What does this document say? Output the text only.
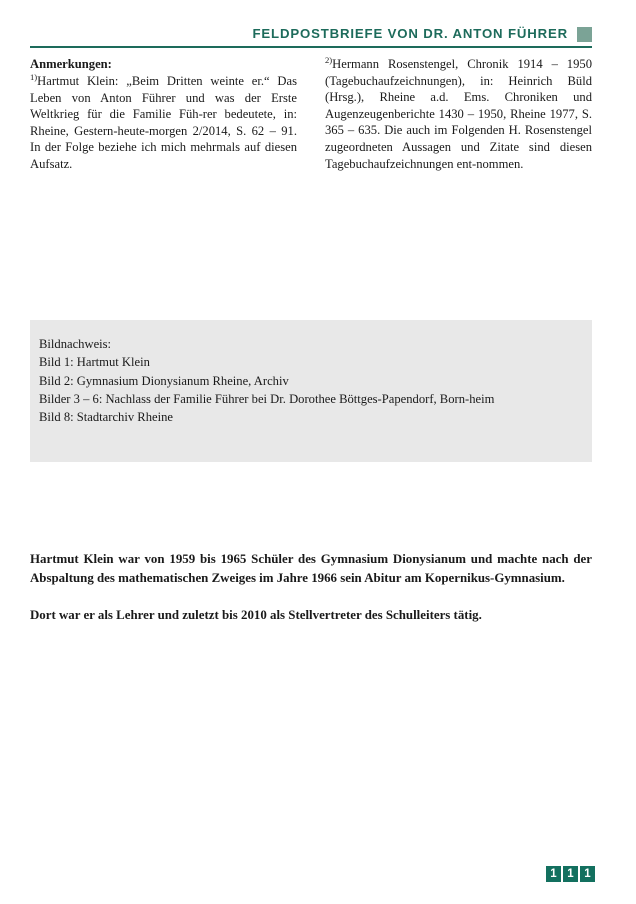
FELDPOSTBRIEFE VON DR. ANTON FÜHRER
Anmerkungen:

$^{1)}$Hartmut Klein: „Beim Dritten weinte er.“ Das Leben von Anton Führer und was der Erste Weltkrieg für die Familie Füh-rer bedeutete, in: Rheine, Gestern-heute-morgen 2/2014, S. 62 – 91. In der Folge beziehe ich mich mehrmals auf diesen Aufsatz.

$^{2)}$Hermann Rosenstengel, Chronik 1914 – 1950 (Tagebuchaufzeichnungen), in: Heinrich Büld (Hrsg.), Rheine a.d. Ems. Chroniken und Augenzeugenberichte 1430 – 1950, Rheine 1977, S. 365 – 635. Die auch im Folgenden H. Rosenstengel zugeordneten Aussagen und Zitate sind diesen Tagebuchaufzeichnungen ent-nommen.

Bildnachweis:

Bild 1: Hartmut Klein

Bild 2: Gymnasium Dionysianum Rheine, Archiv

Bilder 3 – 6: Nachlass der Familie Führer bei Dr. Dorothee Böttges-Papendorf, Born-heim

Bild 8: Stadtarchiv Rheine

Hartmut Klein war von 1959 bis 1965 Schüler des Gymnasium Dionysianum und machte nach der Abspaltung des mathematischen Zweiges im Jahre 1966 sein Abitur am Kopernikus-Gymnasium.

Dort war er als Lehrer und zuletzt bis 2010 als Stellvertreter des Schulleiters tätig.

1 1 1
